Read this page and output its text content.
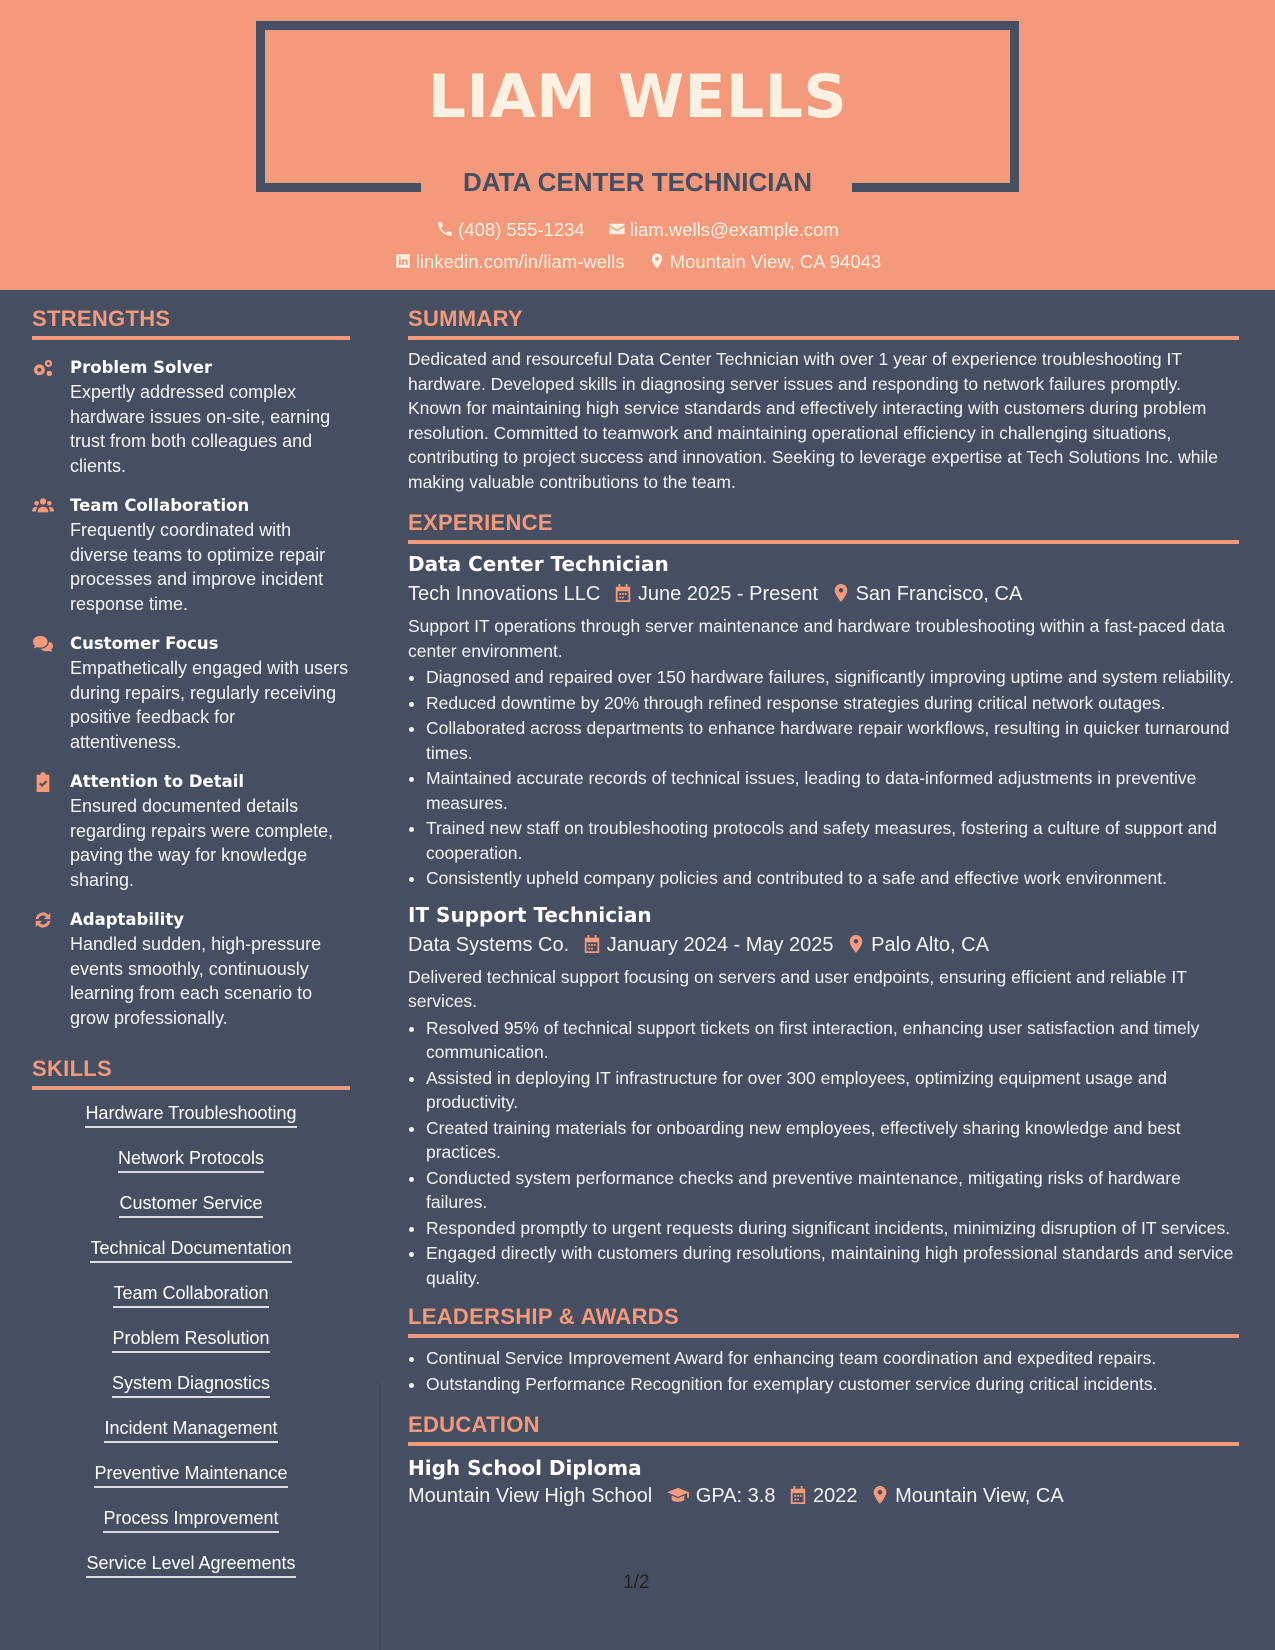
LIAM WELLS
DATA CENTER TECHNICIAN
(408) 555-1234 liam.wells@example.com
linkedin.com/in/liam-wells Mountain View, CA 94043
STRENGTHS
Problem Solver
Expertly addressed complex hardware issues on-site, earning trust from both colleagues and clients.
Team Collaboration
Frequently coordinated with diverse teams to optimize repair processes and improve incident response time.
Customer Focus
Empathetically engaged with users during repairs, regularly receiving positive feedback for attentiveness.
Attention to Detail
Ensured documented details regarding repairs were complete, paving the way for knowledge sharing.
Adaptability
Handled sudden, high-pressure events smoothly, continuously learning from each scenario to grow professionally.
SKILLS
Hardware Troubleshooting
Network Protocols
Customer Service
Technical Documentation
Team Collaboration
Problem Resolution
System Diagnostics
Incident Management
Preventive Maintenance
Process Improvement
Service Level Agreements
SUMMARY
Dedicated and resourceful Data Center Technician with over 1 year of experience troubleshooting IT hardware. Developed skills in diagnosing server issues and responding to network failures promptly. Known for maintaining high service standards and effectively interacting with customers during problem resolution. Committed to teamwork and maintaining operational efficiency in challenging situations, contributing to project success and innovation. Seeking to leverage expertise at Tech Solutions Inc. while making valuable contributions to the team.
EXPERIENCE
Data Center Technician
Tech Innovations LLC June 2025 - Present San Francisco, CA
Support IT operations through server maintenance and hardware troubleshooting within a fast-paced data center environment.
• Diagnosed and repaired over 150 hardware failures, significantly improving uptime and system reliability.
• Reduced downtime by 20% through refined response strategies during critical network outages.
• Collaborated across departments to enhance hardware repair workflows, resulting in quicker turnaround times.
• Maintained accurate records of technical issues, leading to data-informed adjustments in preventive measures.
• Trained new staff on troubleshooting protocols and safety measures, fostering a culture of support and cooperation.
• Consistently upheld company policies and contributed to a safe and effective work environment.
IT Support Technician
Data Systems Co. January 2024 - May 2025 Palo Alto, CA
Delivered technical support focusing on servers and user endpoints, ensuring efficient and reliable IT services.
• Resolved 95% of technical support tickets on first interaction, enhancing user satisfaction and timely communication.
• Assisted in deploying IT infrastructure for over 300 employees, optimizing equipment usage and productivity.
• Created training materials for onboarding new employees, effectively sharing knowledge and best practices.
• Conducted system performance checks and preventive maintenance, mitigating risks of hardware failures.
• Responded promptly to urgent requests during significant incidents, minimizing disruption of IT services.
• Engaged directly with customers during resolutions, maintaining high professional standards and service quality.
LEADERSHIP & AWARDS
• Continual Service Improvement Award for enhancing team coordination and expedited repairs.
• Outstanding Performance Recognition for exemplary customer service during critical incidents.
EDUCATION
High School Diploma
Mountain View High School GPA: 3.8 2022 Mountain View, CA
1/2
